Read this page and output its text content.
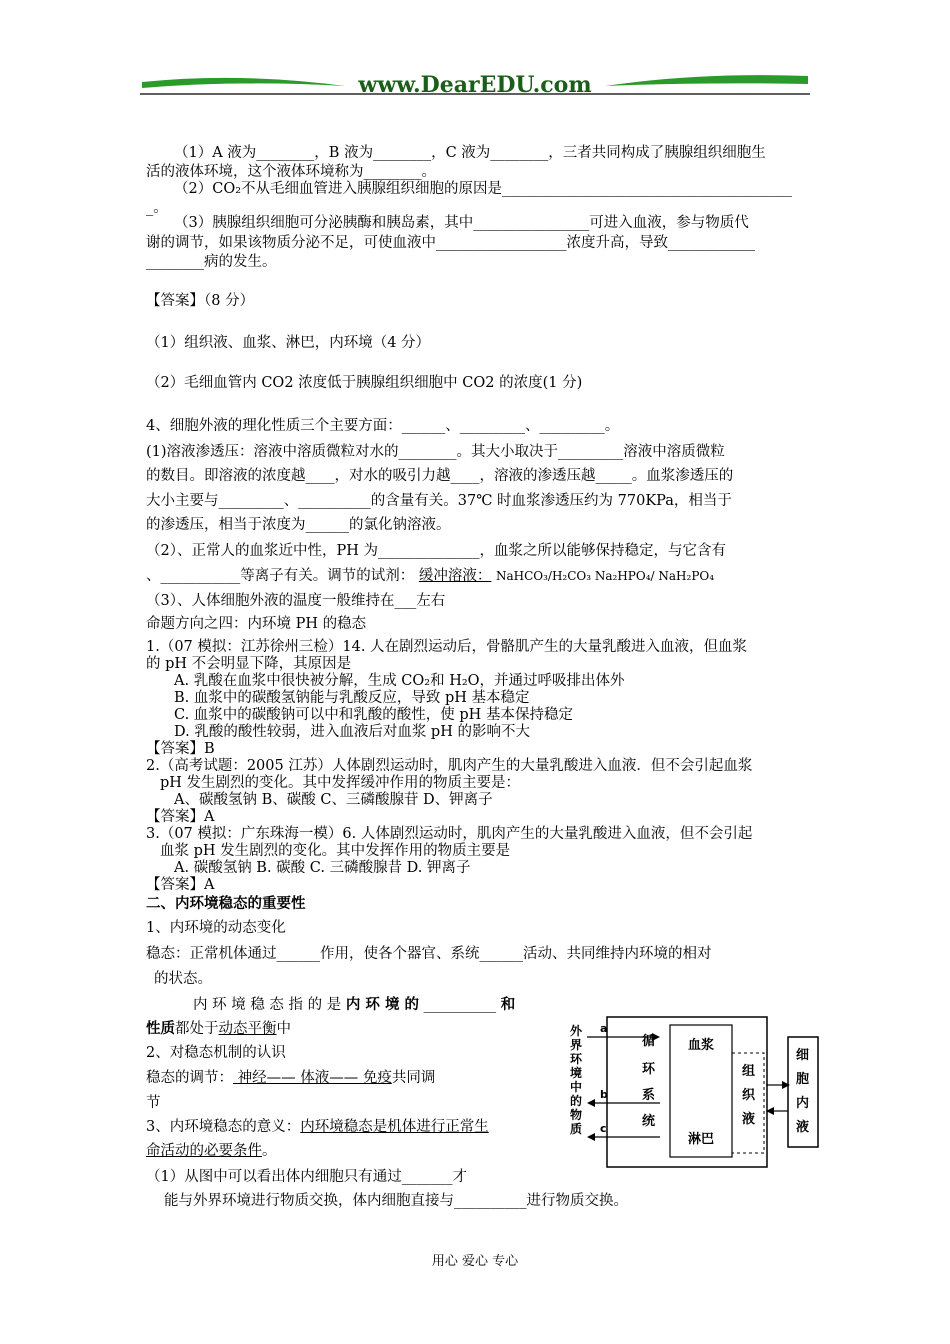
www.DearEDU.com
（1）A 液为________，B 液为________，C 液为________，三者共同构成了胰腺组织细胞生
活的液体环境，这个液体环境称为________。
（2）CO₂不从毛细血管进入胰腺组织细胞的原因是________________________________________
_。
（3）胰腺组织细胞可分泌胰酶和胰岛素，其中________________可进入血液，参与物质代
谢的调节，如果该物质分泌不足，可使血液中__________________浓度升高，导致____________
________病的发生。
【答案】（8 分）
（1）组织液、血浆、淋巴，内环境（4 分）
（2）毛细血管内 CO2 浓度低于胰腺组织细胞中 CO2 的浓度(1 分)
4、细胞外液的理化性质三个主要方面：______、_________、_________。
(1)溶液渗透压：溶液中溶质微粒对水的________。其大小取决于_________溶液中溶质微粒
的数目。即溶液的浓度越____，对水的吸引力越____，溶液的渗透压越_____。血浆渗透压的
大小主要与_________、__________的含量有关。37℃ 时血浆渗透压约为 770KPa，相当于
的渗透压，相当于浓度为______的氯化钠溶液。
（2）、正常人的血浆近中性，PH 为______________，血浆之所以能够保持稳定，与它含有
、___________等离子有关。调节的试剂： 缓冲溶液： NaHCO₃/H₂CO₃ Na₂HPO₄/ NaH₂PO₄
（3）、人体细胞外液的温度一般维持在___左右
命题方向之四：内环境 PH 的稳态
1.（07 模拟：江苏徐州三检）14. 人在剧烈运动后，骨骼肌产生的大量乳酸进入血液，但血浆
的 pH 不会明显下降，其原因是
A. 乳酸在血浆中很快被分解，生成 CO₂和 H₂O，并通过呼吸排出体外
B. 血浆中的碳酸氢钠能与乳酸反应，导致 pH 基本稳定
C. 血浆中的碳酸钠可以中和乳酸的酸性，使 pH 基本保持稳定
D. 乳酸的酸性较弱，进入血液后对血浆 pH 的影响不大
【答案】B
2.（高考试题：2005 江苏）人体剧烈运动时，肌肉产生的大量乳酸进入血液．但不会引起血浆
pH 发生剧烈的变化。其中发挥缓冲作用的物质主要是：
A、碳酸氢钠 B、碳酸 C、三磷酸腺苷 D、钾离子
【答案】A
3.（07 模拟：广东珠海一模）6. 人体剧烈运动时，肌肉产生的大量乳酸进入血液，但不会引起
血浆 pH 发生剧烈的变化。其中发挥作用的物质主要是
A. 碳酸氢钠 B. 碳酸 C. 三磷酸腺昔 D. 钾离子
【答案】A
二、内环境稳态的重要性
1、内环境的动态变化
稳态：正常机体通过______作用，使各个器官、系统______活动、共同维持内环境的相对
的状态。
内 环 境 稳 态 指 的 是 内 环 境 的 __________ 和
性质都处于动态平衡中
2、对稳态机制的认识
稳态的调节： 神经—— 体液—— 免疫共同调
节
3、内环境稳态的意义：内环境稳态是机体进行正常生
命活动的必要条件。
（1）从图中可以看出体内细胞只有通过_______才
能与外界环境进行物质交换，体内细胞直接与__________进行物质交换。
外界环境中的物质
a
b
c
循环系统
血浆
淋巴
组织液
细胞内液
用心 爱心 专心
